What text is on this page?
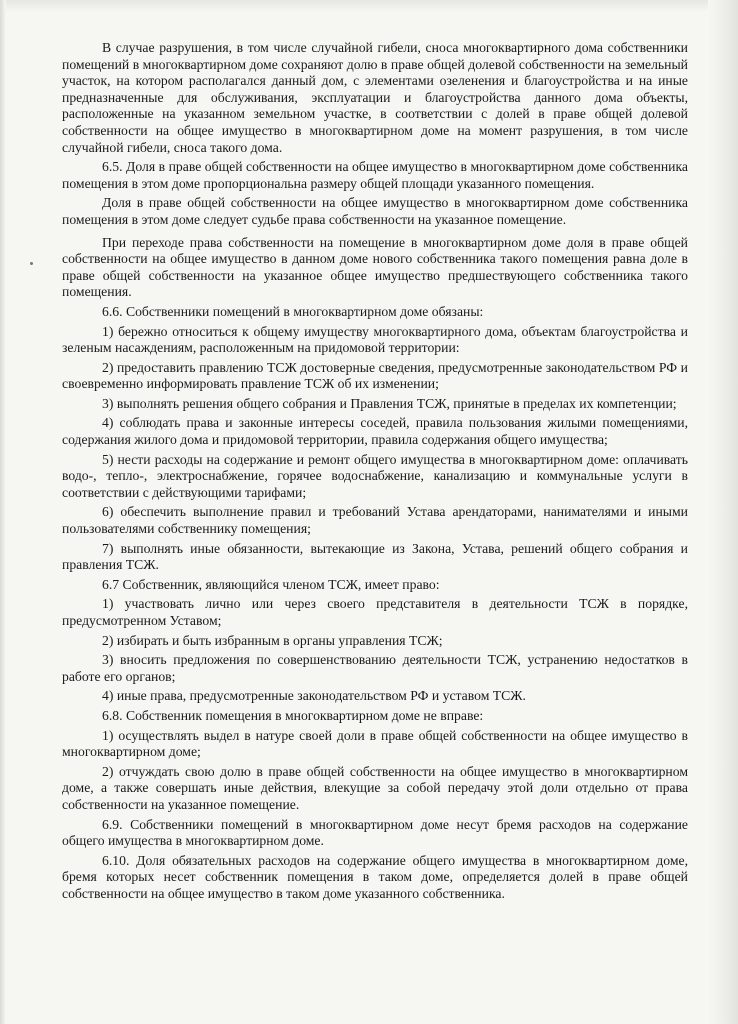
В случае разрушения, в том числе случайной гибели, сноса многоквартирного дома собственники помещений в многоквартирном доме сохраняют долю в праве общей долевой собственности на земельный участок, на котором располагался данный дом, с элементами озеленения и благоустройства и на иные предназначенные для обслуживания, эксплуатации и благоустройства данного дома объекты, расположенные на указанном земельном участке, в соответствии с долей в праве общей долевой собственности на общее имущество в многоквартирном доме на момент разрушения, в том числе случайной гибели, сноса такого дома.

6.5. Доля в праве общей собственности на общее имущество в многоквартирном доме собственника помещения в этом доме пропорциональна размеру общей площади указанного помещения.

Доля в праве общей собственности на общее имущество в многоквартирном доме собственника помещения в этом доме следует судьбе права собственности на указанное помещение.

При переходе права собственности на помещение в многоквартирном доме доля в праве общей собственности на общее имущество в данном доме нового собственника такого помещения равна доле в праве общей собственности на указанное общее имущество предшествующего собственника такого помещения.

6.6. Собственники помещений в многоквартирном доме обязаны:

1) бережно относиться к общему имуществу многоквартирного дома, объектам благоустройства и зеленым насаждениям, расположенным на придомовой территории:

2) предоставить правлению ТСЖ достоверные сведения, предусмотренные законодательством РФ и своевременно информировать правление ТСЖ об их изменении;

3) выполнять решения общего собрания и Правления ТСЖ, принятые в пределах их компетенции;

4) соблюдать права и законные интересы соседей, правила пользования жилыми помещениями, содержания жилого дома и придомовой территории, правила содержания общего имущества;

5) нести расходы на содержание и ремонт общего имущества в многоквартирном доме: оплачивать водо-, тепло-, электроснабжение, горячее водоснабжение, канализацию и коммунальные услуги в соответствии с действующими тарифами;

6) обеспечить выполнение правил и требований Устава арендаторами, нанимателями и иными пользователями собственнику помещения;

7) выполнять иные обязанности, вытекающие из Закона, Устава, решений общего собрания и правления ТСЖ.

6.7 Собственник, являющийся членом ТСЖ, имеет право:

1) участвовать лично или через своего представителя в деятельности ТСЖ в порядке, предусмотренном Уставом;

2) избирать и быть избранным в органы управления ТСЖ;

3) вносить предложения по совершенствованию деятельности ТСЖ, устранению недостатков в работе его органов;

4) иные права, предусмотренные законодательством РФ и уставом ТСЖ.

6.8. Собственник помещения в многоквартирном доме не вправе:

1) осуществлять выдел в натуре своей доли в праве общей собственности на общее имущество в многоквартирном доме;

2) отчуждать свою долю в праве общей собственности на общее имущество в многоквартирном доме, а также совершать иные действия, влекущие за собой передачу этой доли отдельно от права собственности на указанное помещение.

6.9. Собственники помещений в многоквартирном доме несут бремя расходов на содержание общего имущества в многоквартирном доме.

6.10. Доля обязательных расходов на содержание общего имущества в многоквартирном доме, бремя которых несет собственник помещения в таком доме, определяется долей в праве общей собственности на общее имущество в таком доме указанного собственника.
